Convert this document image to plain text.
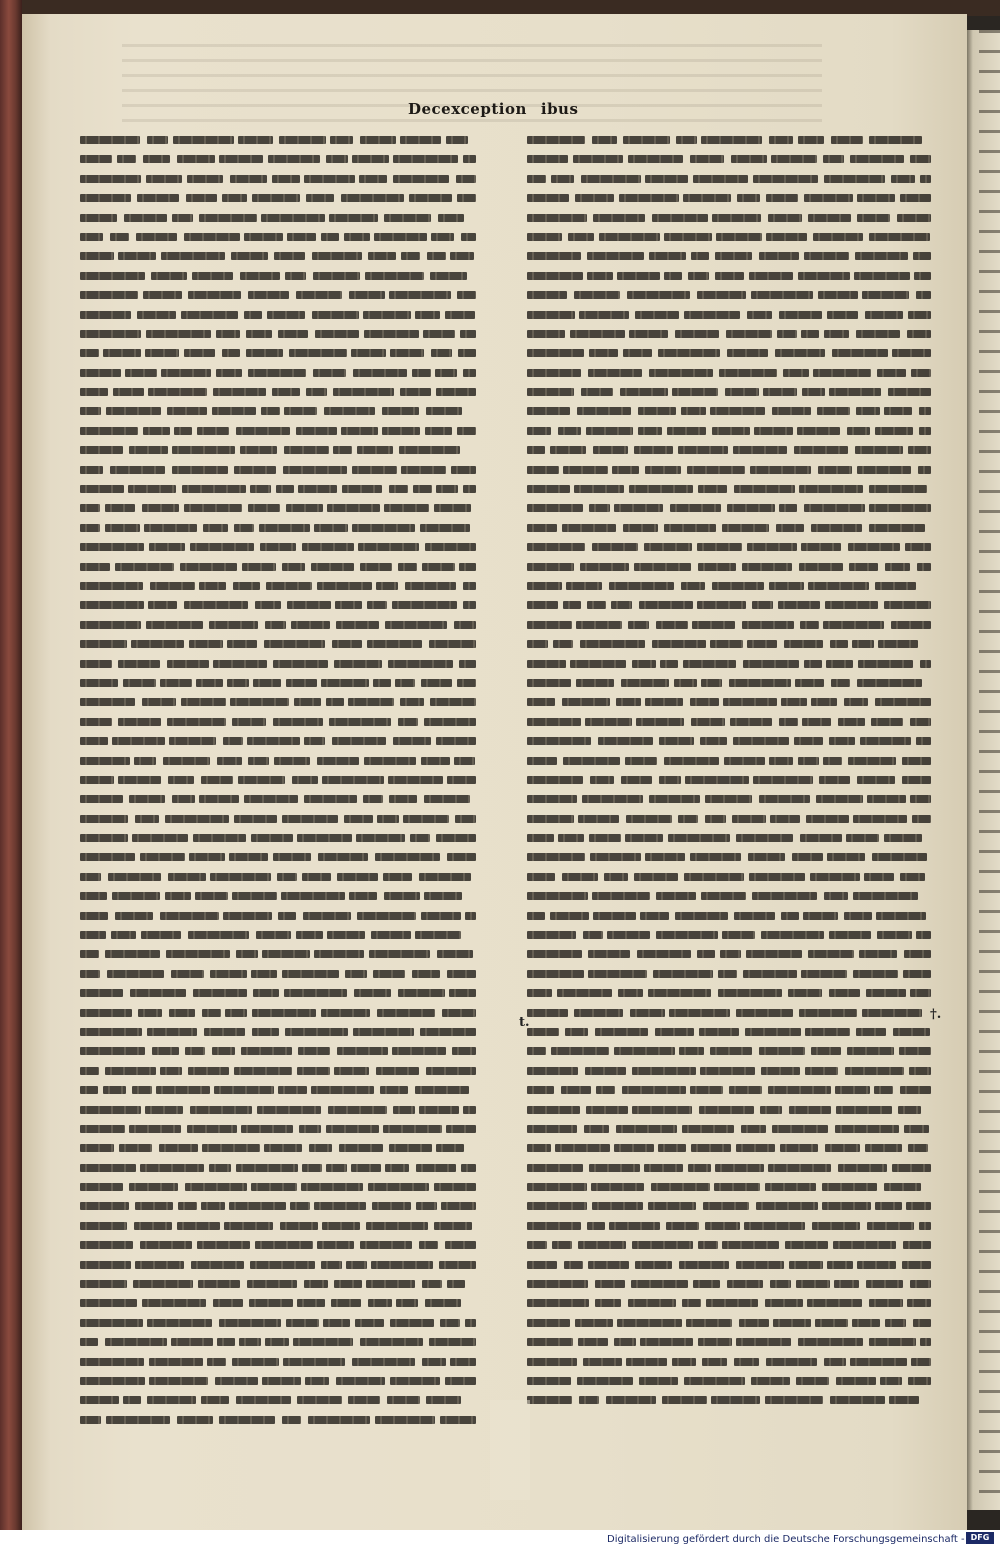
Decexception ibus
t.
†.
Digitalisierung gefördert durch die Deutsche Forschungsgemeinschaft - DFG
